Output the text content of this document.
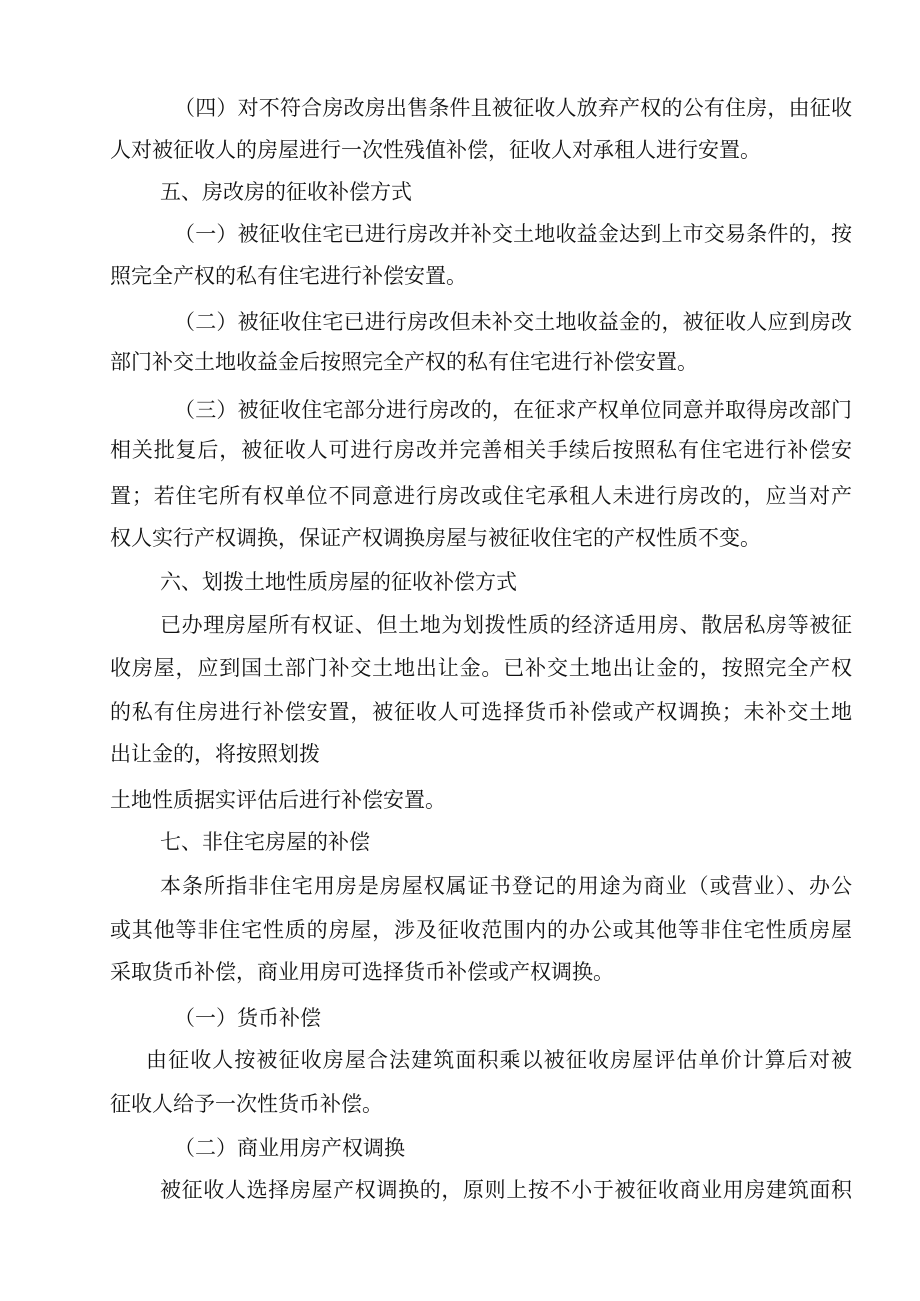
（四）对不符合房改房出售条件且被征收人放弃产权的公有住房，由征收
人对被征收人的房屋进行一次性残值补偿，征收人对承租人进行安置。
五、房改房的征收补偿方式
（一）被征收住宅已进行房改并补交土地收益金达到上市交易条件的，按
照完全产权的私有住宅进行补偿安置。
（二）被征收住宅已进行房改但未补交土地收益金的，被征收人应到房改
部门补交土地收益金后按照完全产权的私有住宅进行补偿安置。
（三）被征收住宅部分进行房改的，在征求产权单位同意并取得房改部门
相关批复后，被征收人可进行房改并完善相关手续后按照私有住宅进行补偿安
置；若住宅所有权单位不同意进行房改或住宅承租人未进行房改的，应当对产
权人实行产权调换，保证产权调换房屋与被征收住宅的产权性质不变。
六、划拨土地性质房屋的征收补偿方式
已办理房屋所有权证、但土地为划拨性质的经济适用房、散居私房等被征
收房屋，应到国土部门补交土地出让金。已补交土地出让金的，按照完全产权
的私有住房进行补偿安置，被征收人可选择货币补偿或产权调换；未补交土地
出让金的，将按照划拨
土地性质据实评估后进行补偿安置。
七、非住宅房屋的补偿
本条所指非住宅用房是房屋权属证书登记的用途为商业（或营业）、办公
或其他等非住宅性质的房屋，涉及征收范围内的办公或其他等非住宅性质房屋
采取货币补偿，商业用房可选择货币补偿或产权调换。
（一）货币补偿
由征收人按被征收房屋合法建筑面积乘以被征收房屋评估单价计算后对被
征收人给予一次性货币补偿。
（二）商业用房产权调换
被征收人选择房屋产权调换的，原则上按不小于被征收商业用房建筑面积
